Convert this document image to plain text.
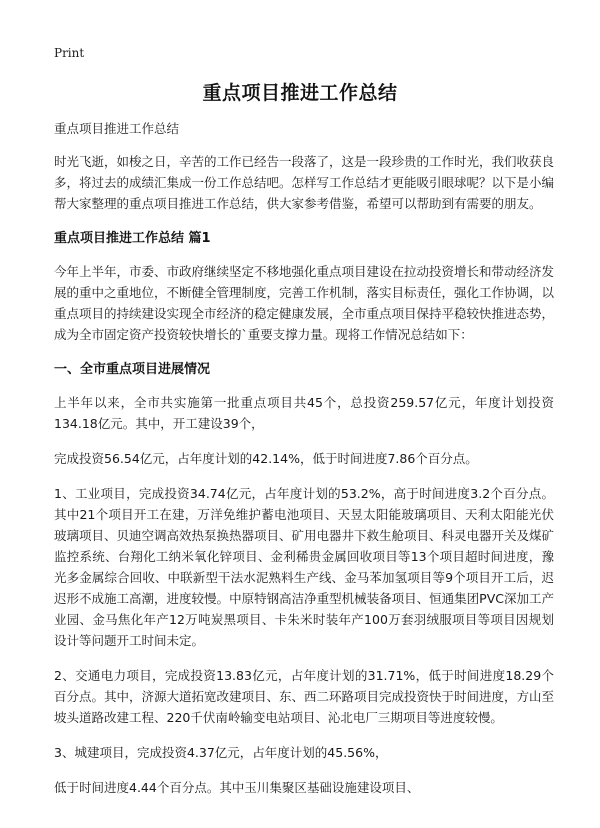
Print
重点项目推进工作总结

重点项目推进工作总结

时光飞逝，如梭之日，辛苦的工作已经告一段落了，这是一段珍贵的工作时光，我们收获良多，将过去的成绩汇集成一份工作总结吧。怎样写工作总结才更能吸引眼球呢？以下是小编帮大家整理的重点项目推进工作总结，供大家参考借鉴，希望可以帮助到有需要的朋友。

重点项目推进工作总结 篇1

今年上半年，市委、市政府继续坚定不移地强化重点项目建设在拉动投资增长和带动经济发展的重中之重地位，不断健全管理制度，完善工作机制，落实目标责任，强化工作协调，以重点项目的持续建设实现全市经济的稳定健康发展，全市重点项目保持平稳较快推进态势，成为全市固定资产投资较快增长的`重要支撑力量。现将工作情况总结如下：

一、全市重点项目进展情况

上半年以来，全市共实施第一批重点项目共45个，总投资259.57亿元，年度计划投资134.18亿元。其中，开工建设39个，

完成投资56.54亿元，占年度计划的42.14%，低于时间进度7.86个百分点。

1、工业项目，完成投资34.74亿元，占年度计划的53.2%，高于时间进度3.2个百分点。其中21个项目开工在建，万洋免维护蓄电池项目、天昱太阳能玻璃项目、天利太阳能光伏玻璃项目、贝迪空调高效热泵换热器项目、矿用电器井下救生舱项目、科灵电器开关及煤矿监控系统、台翔化工纳米氧化锌项目、金利稀贵金属回收项目等13个项目超时间进度，豫光多金属综合回收、中联新型干法水泥熟料生产线、金马苯加氢项目等9个项目开工后，迟迟形不成施工高潮，进度较慢。中原特钢高洁净重型机械装备项目、恒通集团PVC深加工产业园、金马焦化年产12万吨炭黑项目、卡朱米时装年产100万套羽绒服项目等项目因规划设计等问题开工时间未定。

2、交通电力项目，完成投资13.83亿元，占年度计划的31.71%，低于时间进度18.29个百分点。其中，济源大道拓宽改建项目、东、西二环路项目完成投资快于时间进度，方山至坡头道路改建工程、220千伏南岭输变电站项目、沁北电厂三期项目等进度较慢。

3、城建项目，完成投资4.37亿元，占年度计划的45.56%，

低于时间进度4.44个百分点。其中玉川集聚区基础设施建设项目、
